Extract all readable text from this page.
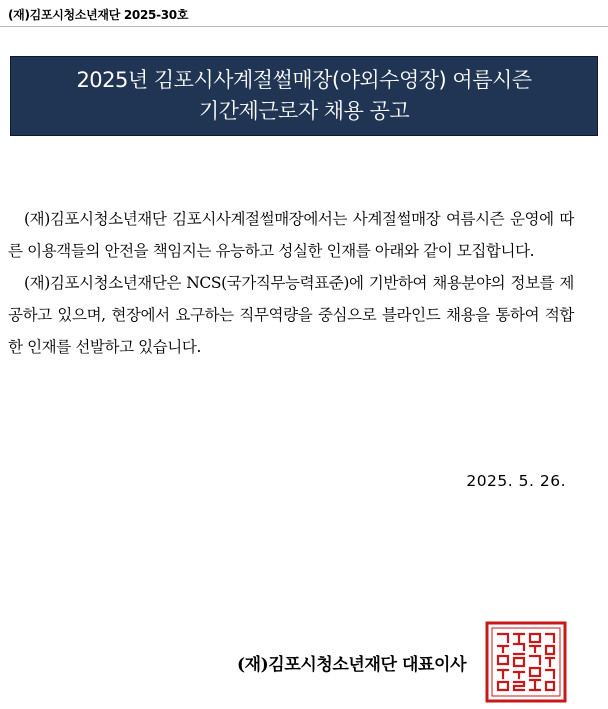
(재)김포시청소년재단 2025-30호
2025년 김포시사계절썰매장(야외수영장) 여름시즌
기간제근로자 채용 공고

(재)김포시청소년재단 김포시사계절썰매장에서는 사계절썰매장 여름시즌 운영에 따른 이용객들의 안전을 책임지는 유능하고 성실한 인재를 아래와 같이 모집합니다.

(재)김포시청소년재단은 NCS(국가직무능력표준)에 기반하여 채용분야의 정보를 제공하고 있으며, 현장에서 요구하는 직무역량을 중심으로 블라인드 채용을 통하여 적합한 인재를 선발하고 있습니다.

2025. 5. 26.
(재)김포시청소년재단 대표이사
